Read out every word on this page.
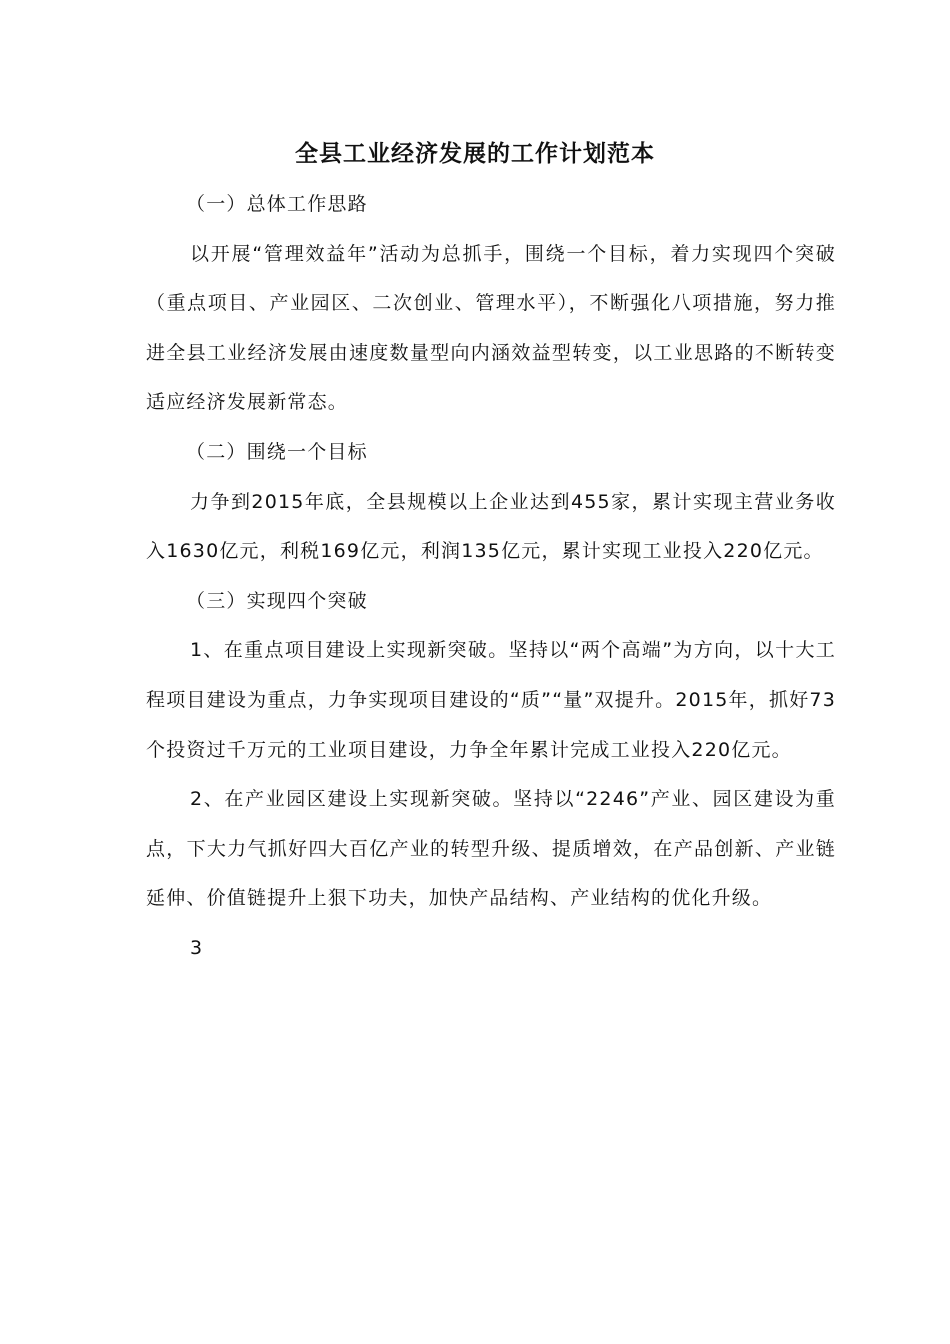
全县工业经济发展的工作计划范本

（一）总体工作思路

以开展“管理效益年”活动为总抓手，围绕一个目标，着力实现四个突破（重点项目、产业园区、二次创业、管理水平），不断强化八项措施，努力推进全县工业经济发展由速度数量型向内涵效益型转变，以工业思路的不断转变适应经济发展新常态。

（二）围绕一个目标

力争到2015年底，全县规模以上企业达到455家，累计实现主营业务收入1630亿元，利税169亿元，利润135亿元，累计实现工业投入220亿元。

（三）实现四个突破

1、在重点项目建设上实现新突破。坚持以“两个高端”为方向，以十大工程项目建设为重点，力争实现项目建设的“质”“量”双提升。2015年，抓好73个投资过千万元的工业项目建设，力争全年累计完成工业投入220亿元。

2、在产业园区建设上实现新突破。坚持以“2246”产业、园区建设为重点，下大力气抓好四大百亿产业的转型升级、提质增效，在产品创新、产业链延伸、价值链提升上狠下功夫，加快产品结构、产业结构的优化升级。

3
